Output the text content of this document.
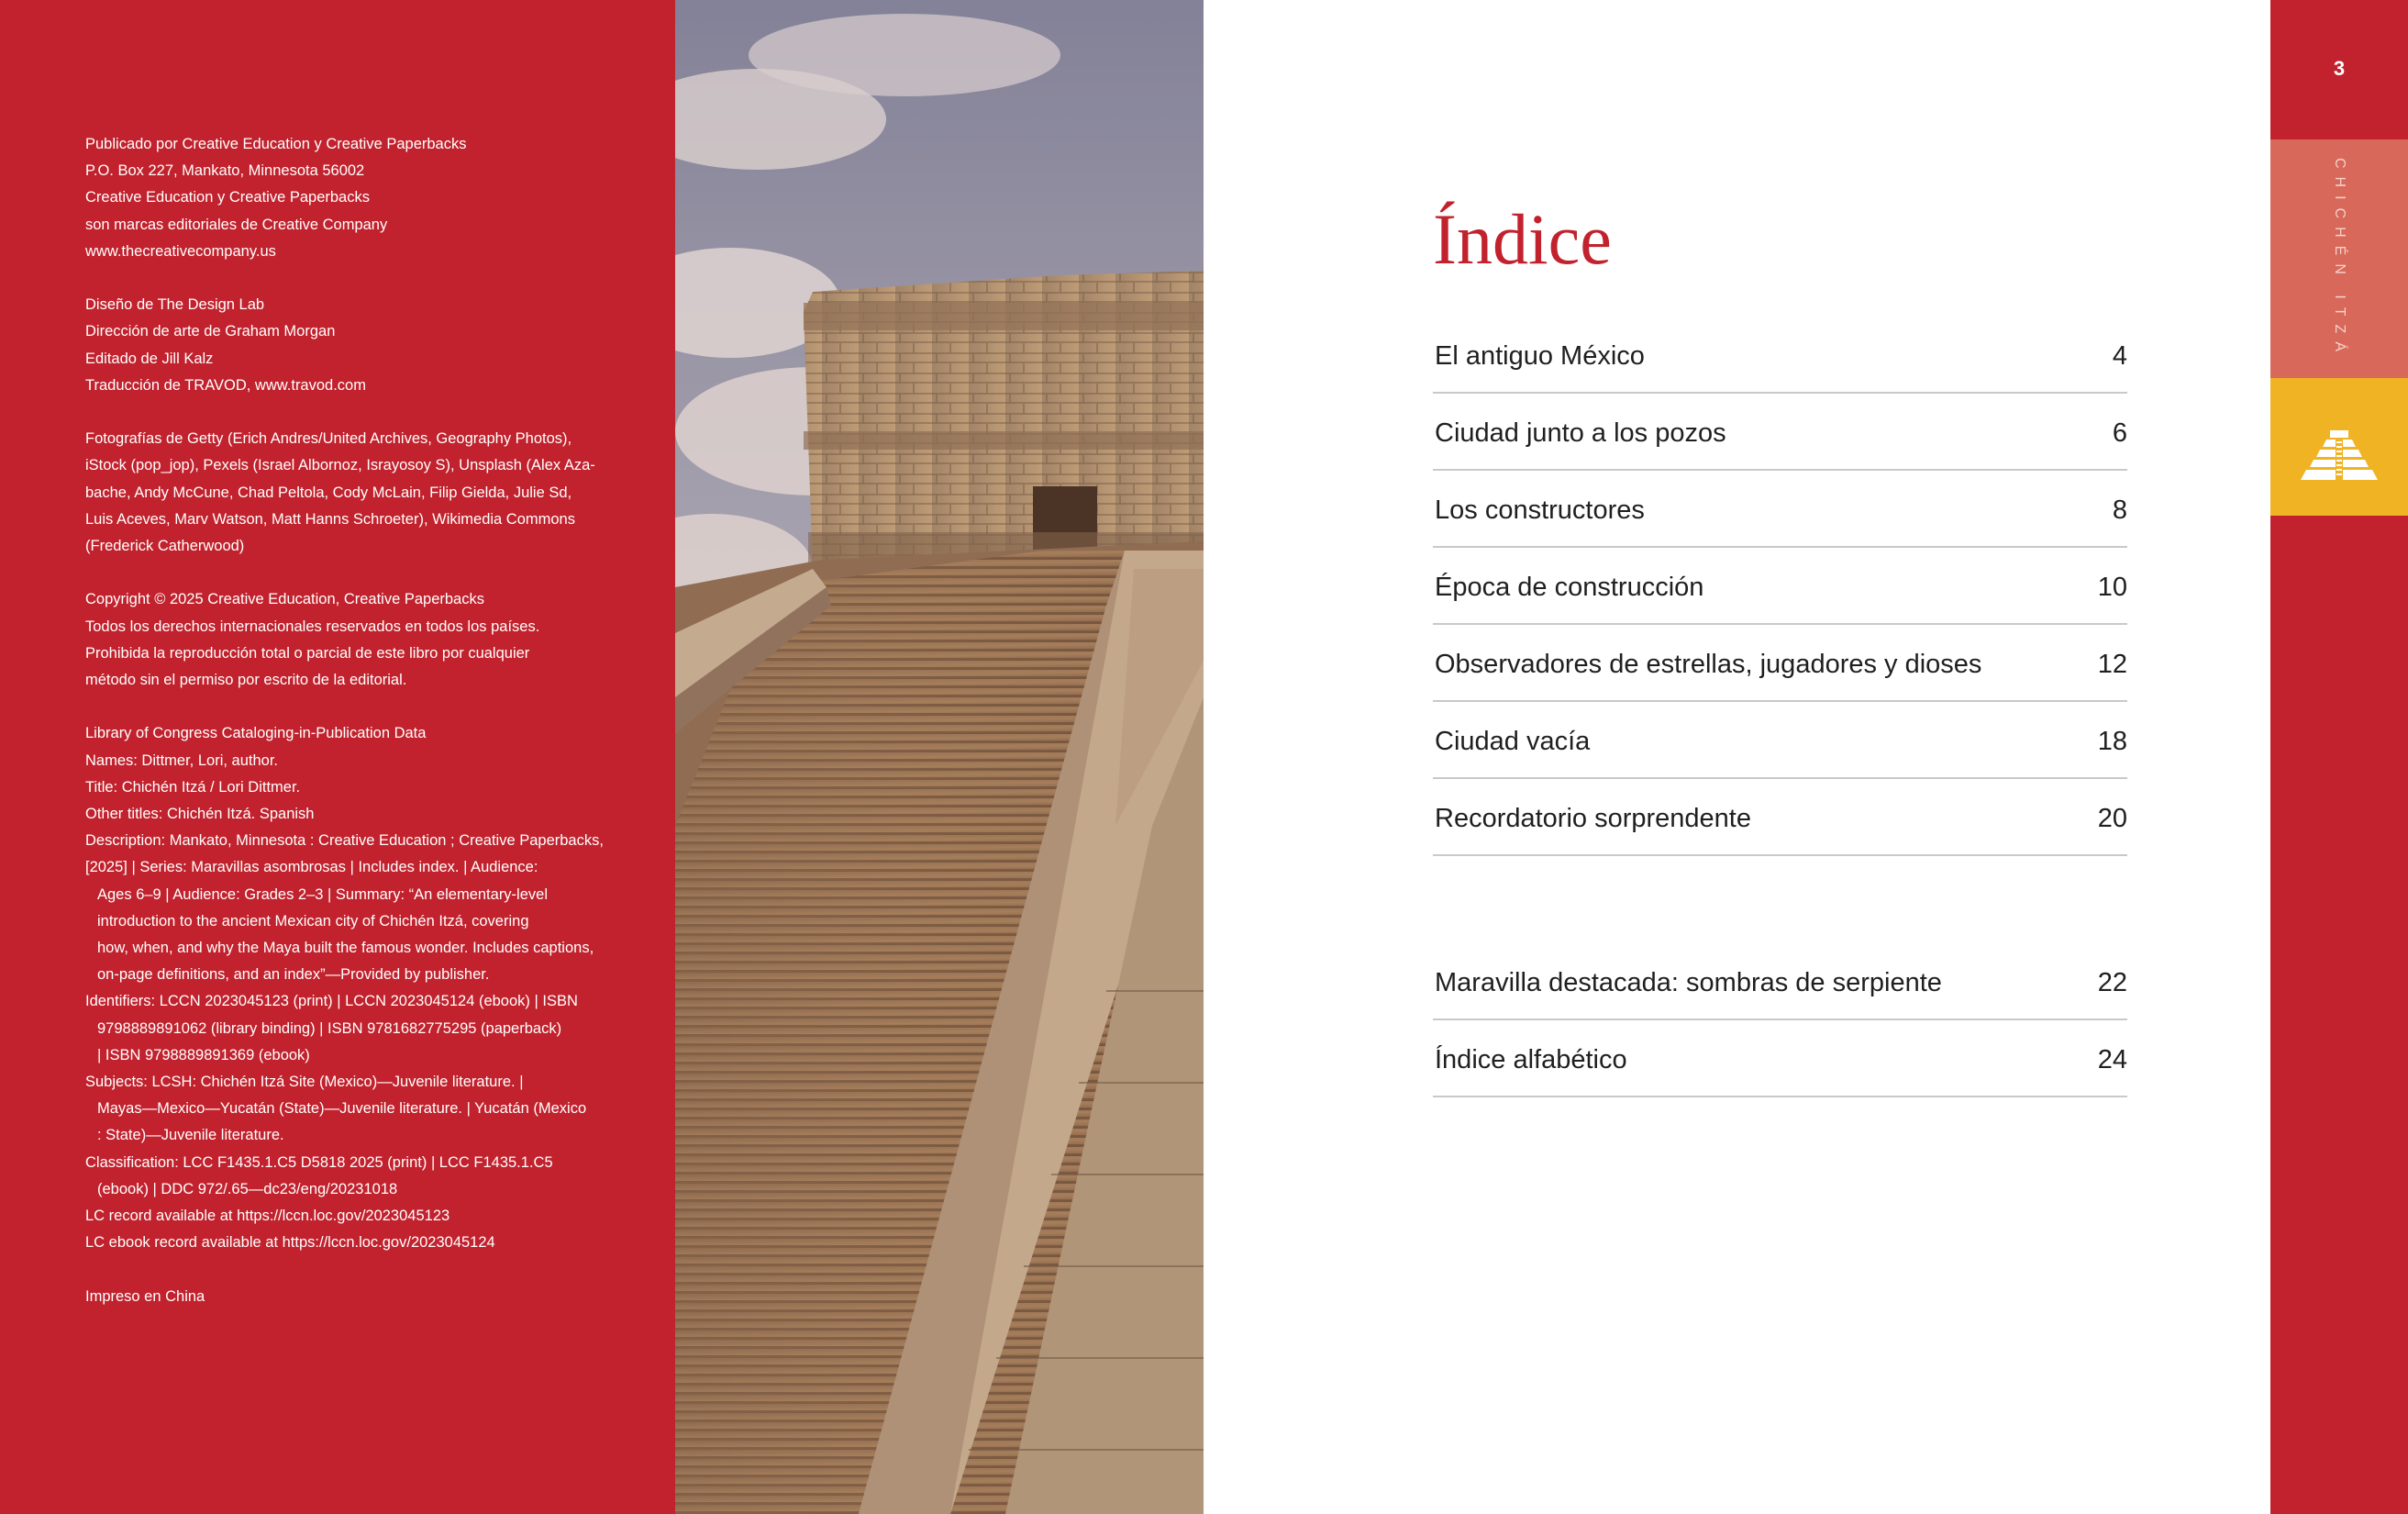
Publicado por Creative Education y Creative Paperbacks
P.O. Box 227, Mankato, Minnesota 56002
Creative Education y Creative Paperbacks
son marcas editoriales de Creative Company
www.thecreativecompany.us
Diseño de The Design Lab
Dirección de arte de Graham Morgan
Editado de Jill Kalz
Traducción de TRAVOD, www.travod.com
Fotografías de Getty (Erich Andres/United Archives, Geography Photos),
iStock (pop_jop), Pexels (Israel Albornoz, Israyosoy S), Unsplash (Alex Aza-
bache, Andy McCune, Chad Peltola, Cody McLain, Filip Gielda, Julie Sd,
Luis Aceves, Marv Watson, Matt Hanns Schroeter), Wikimedia Commons
(Frederick Catherwood)
Copyright © 2025 Creative Education, Creative Paperbacks
Todos los derechos internacionales reservados en todos los países.
Prohibida la reproducción total o parcial de este libro por cualquier
método sin el permiso por escrito de la editorial.
Library of Congress Cataloging-in-Publication Data
Names: Dittmer, Lori, author.
Title: Chichén Itzá / Lori Dittmer.
Other titles: Chichén Itzá. Spanish
Description: Mankato, Minnesota : Creative Education ; Creative Paperbacks,
[2025] | Series: Maravillas asombrosas | Includes index. | Audience:
Ages 6–9 | Audience: Grades 2–3 | Summary: “An elementary-level
introduction to the ancient Mexican city of Chichén Itzá, covering
how, when, and why the Maya built the famous wonder. Includes captions,
on-page definitions, and an index”—Provided by publisher.
Identifiers: LCCN 2023045123 (print) | LCCN 2023045124 (ebook) | ISBN
9798889891062 (library binding) | ISBN 9781682775295 (paperback)
| ISBN 9798889891369 (ebook)
Subjects: LCSH: Chichén Itzá Site (Mexico)—Juvenile literature. |
Mayas—Mexico—Yucatán (State)—Juvenile literature. | Yucatán (Mexico
: State)—Juvenile literature.
Classification: LCC F1435.1.C5 D5818 2025 (print) | LCC F1435.1.C5
(ebook) | DDC 972/.65—dc23/eng/20231018
LC record available at https://lccn.loc.gov/2023045123
LC ebook record available at https://lccn.loc.gov/2023045124
Impreso en China
Índice
El antiguo México	4
Ciudad junto a los pozos	6
Los constructores	8
Época de construcción	10
Observadores de estrellas, jugadores y dioses	12
Ciudad vacía	18
Recordatorio sorprendente	20
Maravilla destacada: sombras de serpiente	22
Índice alfabético	24
3
CHICHÉN ITZÁ
